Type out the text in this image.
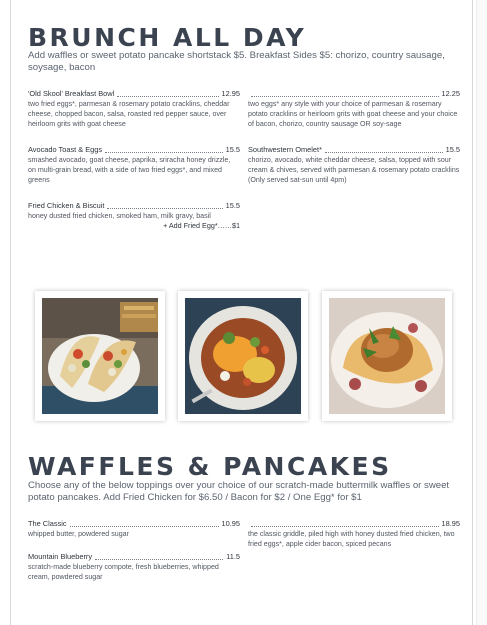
BRUNCH ALL DAY
Add waffles or sweet potato pancake shortstack $5. Breakfast Sides $5: chorizo, country sausage, soysage, bacon
'Old Skool' Breakfast Bowl	12.95
two fried eggs*, parmesan & rosemary potato cracklins, cheddar cheese, chopped bacon, salsa, roasted red pepper sauce, over heirloom grits with goat cheese
Avocado Toast & Eggs	15.5
smashed avocado, goat cheese, paprika, sriracha honey drizzle, on multi-grain bread, with a side of two fried eggs*, and mixed greens
Fried Chicken & Biscuit	15.5
honey dusted fried chicken, smoked ham, milk gravy, basil
+ Add Fried Egg*……$1
12.25
two eggs* any style with your choice of parmesan & rosemary potato cracklins or heirloom grits with goat cheese and your choice of bacon, chorizo, country sausage OR soy-sage
Southwestern Omelet*	15.5
chorizo, avocado, white cheddar cheese, salsa, topped with sour cream & chives, served with parmesan & rosemary potato cracklins (Only served sat-sun until 4pm)
WAFFLES & PANCAKES
Choose any of the below toppings over your choice of our scratch-made buttermilk waffles or sweet potato pancakes. Add Fried Chicken for $6.50 / Bacon for $2 / One Egg* for $1
The Classic	10.95
whipped butter, powdered sugar
Mountain Blueberry	11.5
scratch-made blueberry compote, fresh blueberries, whipped cream, powdered sugar
18.95
the classic griddle, piled high with honey dusted fried chicken, two fried eggs*, apple cider bacon, spiced pecans
